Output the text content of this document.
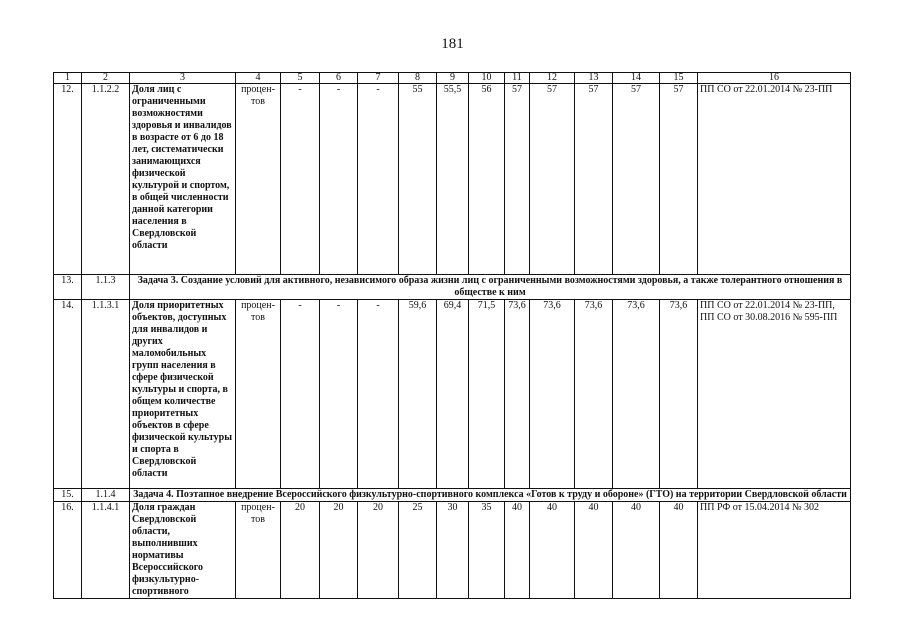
181
1	2	3	4	5	6	7	8	9	10	11	12	13	14	15	16
12.	1.1.2.2	Доля лиц с ограниченными возможностями здоровья и инвалидов в возрасте от 6 до 18 лет, систематически занимающихся физической культурой и спортом, в общей численности данной категории населения в Свердловской области	процен-тов	-	-	-	55	55,5	56	57	57	57	57	57	ПП СО от 22.01.2014 № 23-ПП
13.	1.1.3	Задача 3. Создание условий для активного, независимого образа жизни лиц с ограниченными возможностями здоровья, а также толерантного отношения в обществе к ним													
14.	1.1.3.1	Доля приоритетных объектов, доступных для инвалидов и других маломобильных групп населения в сфере физической культуры и спорта, в общем количестве приоритетных объектов в сфере физической культуры и спорта в Свердловской области	процен-тов	-	-	-	59,6	69,4	71,5	73,6	73,6	73,6	73,6	73,6	ПП СО от 22.01.2014 № 23-ПП, ПП СО от 30.08.2016 № 595-ПП
15.	1.1.4	Задача 4. Поэтапное внедрение Всероссийского физкультурно-спортивного комплекса «Готов к труду и обороне» (ГТО) на территории Свердловской области													
16.	1.1.4.1	Доля граждан Свердловской области, выполнивших нормативы Всероссийского физкультурно-спортивного	процен-тов	20	20	20	25	30	35	40	40	40	40	40	ПП РФ от 15.04.2014 № 302
